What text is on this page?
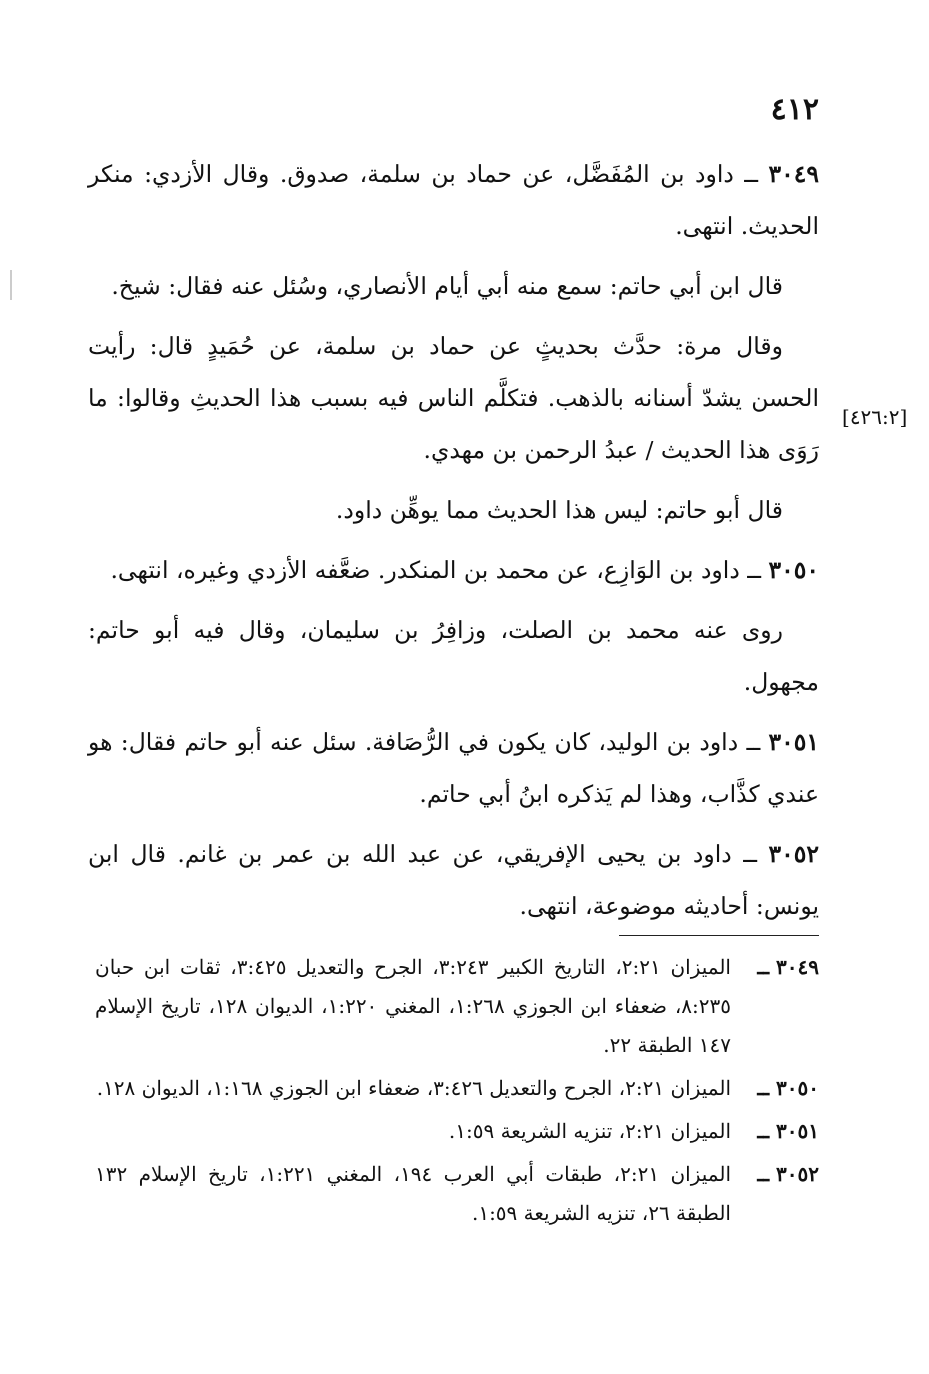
٤١٢

٣٠٤٩ ــ داود بن المُفَضَّل، عن حماد بن سلمة، صدوق. وقال الأزدي: منكر الحديث. انتهى.

قال ابن أبي حاتم: سمع منه أبي أيام الأنصاري، وسُئل عنه فقال: شيخ.

وقال مرة: حدَّث بحديثٍ عن حماد بن سلمة، عن حُمَيدٍ قال: رأيت الحسن يشدّ أسنانه بالذهب. فتكلَّم الناس فيه بسبب هذا الحديثِ وقالوا: ما رَوَى هذا الحديث / عبدُ الرحمن بن مهدي.

قال أبو حاتم: ليس هذا الحديث مما يوهِّن داود.

٣٠٥٠ ــ داود بن الوَازِع، عن محمد بن المنكدر. ضعَّفه الأزدي وغيره، انتهى.

روى عنه محمد بن الصلت، وزافِرُ بن سليمان، وقال فيه أبو حاتم: مجهول.

٣٠٥١ ــ داود بن الوليد، كان يكون في الرُّصَافة. سئل عنه أبو حاتم فقال: هو عندي كذَّاب، وهذا لم يَذكره ابنُ أبي حاتم.

٣٠٥٢ ــ داود بن يحيى الإفريقي، عن عبد الله بن عمر بن غانم. قال ابن يونس: أحاديثه موضوعة، انتهى.

[٤٢٦:٢]

٣٠٤٩ ــ
الميزان ٢:٢١، التاريخ الكبير ٣:٢٤٣، الجرح والتعديل ٣:٤٢٥، ثقات ابن حبان ٨:٢٣٥، ضعفاء ابن الجوزي ١:٢٦٨، المغني ١:٢٢٠، الديوان ١٢٨، تاريخ الإسلام ١٤٧ الطبقة ٢٢.

٣٠٥٠ ــ
الميزان ٢:٢١، الجرح والتعديل ٣:٤٢٦، ضعفاء ابن الجوزي ١:١٦٨، الديوان ١٢٨.

٣٠٥١ ــ
الميزان ٢:٢١، تنزيه الشريعة ١:٥٩.

٣٠٥٢ ــ
الميزان ٢:٢١، طبقات أبي العرب ١٩٤، المغني ١:٢٢١، تاريخ الإسلام ١٣٢ الطبقة ٢٦، تنزيه الشريعة ١:٥٩.
